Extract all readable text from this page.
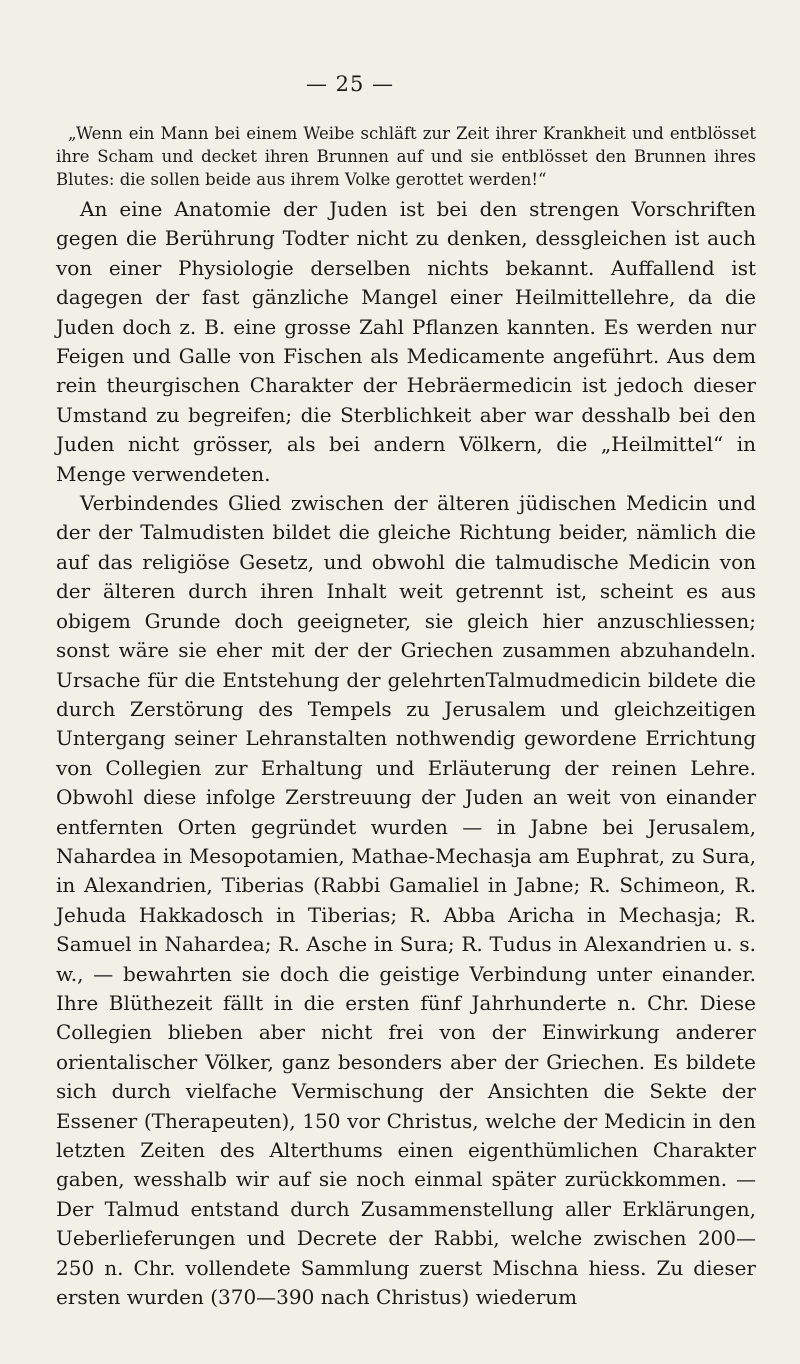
— 25 —

„Wenn ein Mann bei einem Weibe schläft zur Zeit ihrer Krankheit und entblösset ihre Scham und decket ihren Brunnen auf und sie entblösset den Brunnen ihres Blutes: die sollen beide aus ihrem Volke gerottet werden!“

An eine Anatomie der Juden ist bei den strengen Vorschriften gegen die Berührung Todter nicht zu denken, dessgleichen ist auch von einer Physiologie derselben nichts bekannt. Auffallend ist dagegen der fast gänzliche Mangel einer Heilmittellehre, da die Juden doch z. B. eine grosse Zahl Pflanzen kannten. Es werden nur Feigen und Galle von Fischen als Medicamente angeführt. Aus dem rein theurgischen Charakter der Hebräermedicin ist jedoch dieser Umstand zu begreifen; die Sterblichkeit aber war desshalb bei den Juden nicht grösser, als bei andern Völkern, die „Heilmittel“ in Menge verwendeten.

Verbindendes Glied zwischen der älteren jüdischen Medicin und der der Talmudisten bildet die gleiche Richtung beider, nämlich die auf das religiöse Gesetz, und obwohl die talmudische Medicin von der älteren durch ihren Inhalt weit getrennt ist, scheint es aus obigem Grunde doch geeigneter, sie gleich hier anzuschliessen; sonst wäre sie eher mit der der Griechen zusammen abzuhandeln. Ursache für die Entstehung der gelehrtenTalmudmedicin bildete die durch Zerstörung des Tempels zu Jerusalem und gleichzeitigen Untergang seiner Lehranstalten nothwendig gewordene Errichtung von Collegien zur Erhaltung und Erläuterung der reinen Lehre. Obwohl diese infolge Zerstreuung der Juden an weit von einander entfernten Orten gegründet wurden — in Jabne bei Jerusalem, Nahardea in Mesopotamien, Mathae-Mechasja am Euphrat, zu Sura, in Alexandrien, Tiberias (Rabbi Gamaliel in Jabne; R. Schimeon, R. Jehuda Hakkadosch in Tiberias; R. Abba Aricha in Mechasja; R. Samuel in Nahardea; R. Asche in Sura; R. Tudus in Alexandrien u. s. w., — bewahrten sie doch die geistige Verbindung unter einander. Ihre Blüthezeit fällt in die ersten fünf Jahrhunderte n. Chr. Diese Collegien blieben aber nicht frei von der Einwirkung anderer orientalischer Völker, ganz besonders aber der Griechen. Es bildete sich durch vielfache Vermischung der Ansichten die Sekte der Essener (Therapeuten), 150 vor Christus, welche der Medicin in den letzten Zeiten des Alterthums einen eigenthümlichen Charakter gaben, wesshalb wir auf sie noch einmal später zurückkommen. — Der Talmud entstand durch Zusammenstellung aller Erklärungen, Ueberlieferungen und Decrete der Rabbi, welche zwischen 200—250 n. Chr. vollendete Sammlung zuerst Mischna hiess. Zu dieser ersten wurden (370—390 nach Christus) wiederum
